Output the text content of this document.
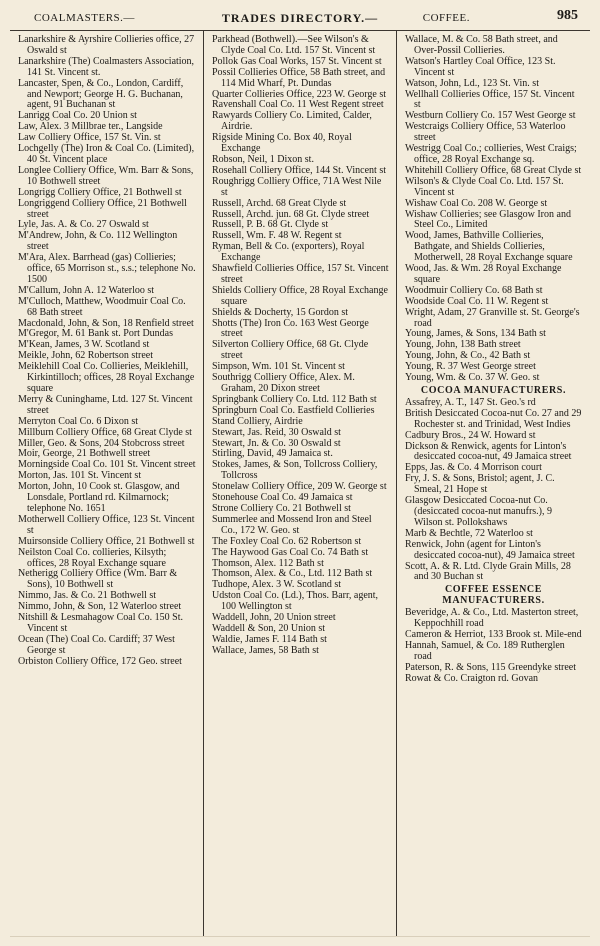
COALMASTERS.—	TRADES DIRECTORY.—	COFFEE.	985

Lanarkshire & Ayrshire Collieries office, 27 Oswald st

Lanarkshire (The) Coalmasters Association, 141 St. Vincent st.

Lancaster, Spen, & Co., London, Cardiff, and Newport; George H. G. Buchanan, agent, 91 Buchanan st

Lanrigg Coal Co. 20 Union st

Law, Alex. 3 Millbrae ter., Langside

Law Colliery Office, 157 St. Vin. st

Lochgelly (The) Iron & Coal Co. (Limited), 40 St. Vincent place

Longlee Colliery Office, Wm. Barr & Sons, 10 Bothwell street

Longrigg Colliery Office, 21 Bothwell st

Longriggend Colliery Office, 21 Bothwell street

Lyle, Jas. A. & Co. 27 Oswald st

M'Andrew, John, & Co. 112 Wellington street

M'Ara, Alex. Barrhead (gas) Collieries; office, 65 Morrison st., s.s.; telephone No. 1500

M'Callum, John A. 12 Waterloo st

M'Culloch, Matthew, Woodmuir Coal Co. 68 Bath street

Macdonald, John, & Son, 18 Renfield street

M'Gregor, M. 61 Bank st. Port Dundas

M'Kean, James, 3 W. Scotland st

Meikle, John, 62 Robertson street

Meiklehill Coal Co. Collieries, Meiklehill, Kirkintilloch; offices, 28 Royal Exchange square

Merry & Cuninghame, Ltd. 127 St. Vincent street

Merryton Coal Co. 6 Dixon st

Millburn Colliery Office, 68 Great Clyde st

Miller, Geo. & Sons, 204 Stobcross street

Moir, George, 21 Bothwell street

Morningside Coal Co. 101 St. Vincent street

Morton, Jas. 101 St. Vincent st

Morton, John, 10 Cook st. Glasgow, and Lonsdale, Portland rd. Kilmarnock; telephone No. 1651

Motherwell Colliery Office, 123 St. Vincent st

Muirsonside Colliery Office, 21 Bothwell st

Neilston Coal Co. collieries, Kilsyth; offices, 28 Royal Exchange square

Netherigg Colliery Office (Wm. Barr & Sons), 10 Bothwell st

Nimmo, Jas. & Co. 21 Bothwell st

Nimmo, John, & Son, 12 Waterloo street

Nitshill & Lesmahagow Coal Co. 150 St. Vincent st

Ocean (The) Coal Co. Cardiff; 37 West George st

Orbiston Colliery Office, 172 Geo. street

Parkhead (Bothwell).—See Wilson's & Clyde Coal Co. Ltd. 157 St. Vincent st

Pollok Gas Coal Works, 157 St. Vincent st

Possil Collieries Office, 58 Bath street, and 114 Mid Wharf, Pt. Dundas

Quarter Collieries Office, 223 W. George st

Ravenshall Coal Co. 11 West Regent street

Rawyards Colliery Co. Limited, Calder, Airdrie.

Rigside Mining Co. Box 40, Royal Exchange

Robson, Neil, 1 Dixon st.

Rosehall Colliery Office, 144 St. Vincent st

Roughrigg Colliery Office, 71A West Nile st

Russell, Archd. 68 Great Clyde st

Russell, Archd. jun. 68 Gt. Clyde street

Russell, P. B. 68 Gt. Clyde st

Russell, Wm. F. 48 W. Regent st

Ryman, Bell & Co. (exporters), Royal Exchange

Shawfield Collieries Office, 157 St. Vincent street

Shields Colliery Office, 28 Royal Exchange square

Shields & Docherty, 15 Gordon st

Shotts (The) Iron Co. 163 West George street

Silverton Colliery Office, 68 Gt. Clyde street

Simpson, Wm. 101 St. Vincent st

Southrigg Colliery Office, Alex. M. Graham, 20 Dixon street

Springbank Colliery Co. Ltd. 112 Bath st

Springburn Coal Co. Eastfield Collieries

Stand Colliery, Airdrie

Stewart, Jas. Reid, 30 Oswald st

Stewart, Jn. & Co. 30 Oswald st

Stirling, David, 49 Jamaica st.

Stokes, James, & Son, Tollcross Colliery, Tollcross

Stonelaw Colliery Office, 209 W. George st

Stonehouse Coal Co. 49 Jamaica st

Strone Colliery Co. 21 Bothwell st

Summerlee and Mossend Iron and Steel Co., 172 W. Geo. st

The Foxley Coal Co. 62 Robertson st

The Haywood Gas Coal Co. 74 Bath st

Thomson, Alex. 112 Bath st

Thomson, Alex. & Co., Ltd. 112 Bath st

Tudhope, Alex. 3 W. Scotland st

Udston Coal Co. (Ld.), Thos. Barr, agent, 100 Wellington st

Waddell, John, 20 Union street

Waddell & Son, 20 Union st

Waldie, James F. 114 Bath st

Wallace, James, 58 Bath st

Wallace, M. & Co. 58 Bath street, and Over-Possil Collieries.

Watson's Hartley Coal Office, 123 St. Vincent st

Watson, John, Ld., 123 St. Vin. st

Wellhall Collieries Office, 157 St. Vincent st

Westburn Colliery Co. 157 West George st

Westcraigs Colliery Office, 53 Waterloo street

Westrigg Coal Co.; collieries, West Craigs; office, 28 Royal Exchange sq.

Whitehill Colliery Office, 68 Great Clyde st

Wilson's & Clyde Coal Co. Ltd. 157 St. Vincent st

Wishaw Coal Co. 208 W. George st

Wishaw Collieries; see Glasgow Iron and Steel Co., Limited

Wood, James, Bathville Collieries, Bathgate, and Shields Collieries, Motherwell, 28 Royal Exchange square

Wood, Jas. & Wm. 28 Royal Exchange square

Woodmuir Colliery Co. 68 Bath st

Woodside Coal Co. 11 W. Regent st

Wright, Adam, 27 Granville st. St. George's road

Young, James, & Sons, 134 Bath st

Young, John, 138 Bath street

Young, John, & Co., 42 Bath st

Young, R. 37 West George street

Young, Wm. & Co. 37 W. Geo. st

COCOA MANUFACTURERS.

Assafrey, A. T., 147 St. Geo.'s rd

British Desiccated Cocoa-nut Co. 27 and 29 Rochester st. and Trinidad, West Indies

Cadbury Bros., 24 W. Howard st

Dickson & Renwick, agents for Linton's desiccated cocoa-nut, 49 Jamaica street

Epps, Jas. & Co. 4 Morrison court

Fry, J. S. & Sons, Bristol; agent, J. C. Smeal, 21 Hope st

Glasgow Desiccated Cocoa-nut Co. (desiccated cocoa-nut manufrs.), 9 Wilson st. Pollokshaws

Marb & Bechtle, 72 Waterloo st

Renwick, John (agent for Linton's desiccated cocoa-nut), 49 Jamaica street

Scott, A. & R. Ltd. Clyde Grain Mills, 28 and 30 Buchan st

COFFEE ESSENCE MANUFACTURERS.

Beveridge, A. & Co., Ltd. Masterton street, Keppochhill road

Cameron & Herriot, 133 Brook st. Mile-end

Hannah, Samuel, & Co. 189 Rutherglen road

Paterson, R. & Sons, 115 Greendyke street

Rowat & Co. Craigton rd. Govan
